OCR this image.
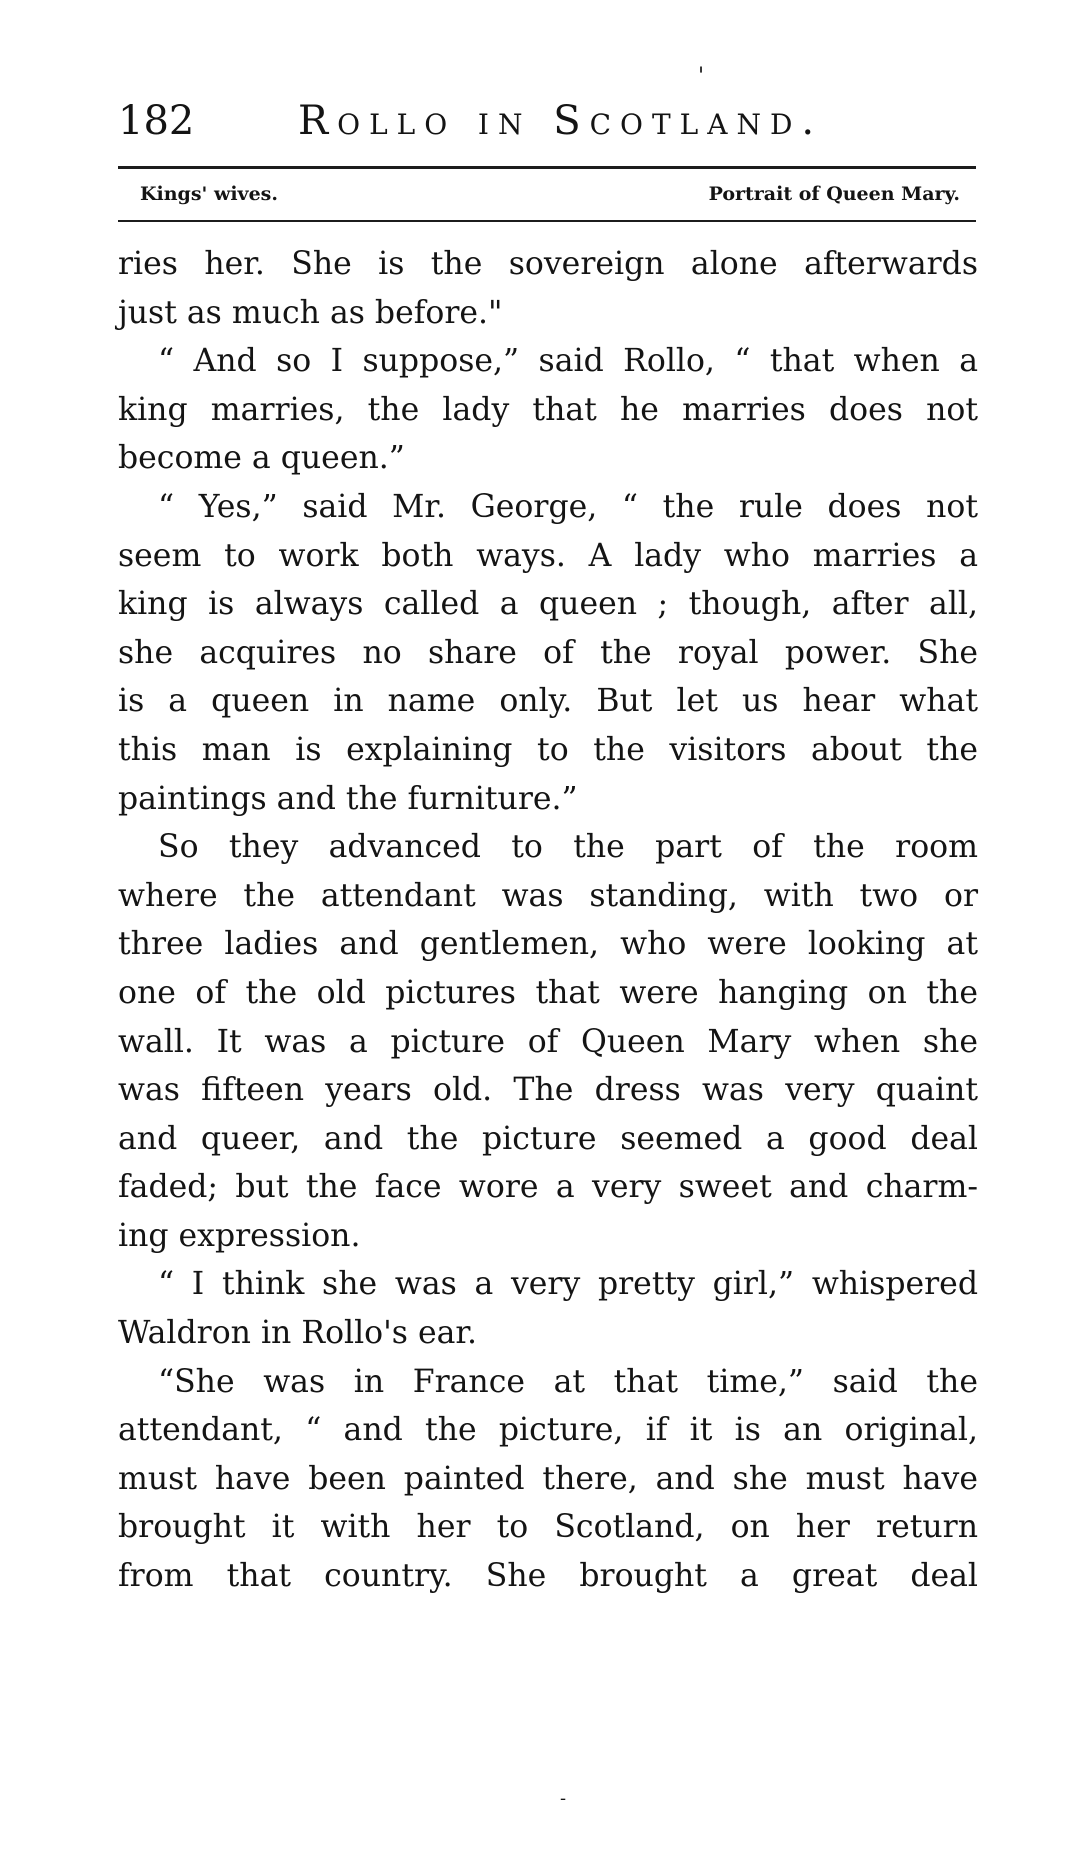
182	Rollo in Scotland.
'
Kings' wives.	Portrait of Queen Mary.
ries her. She is the sovereign alone afterwards
just as much as before."
“ And so I suppose,” said Rollo, “ that when a
king marries, the lady that he marries does not
become a queen.”
“ Yes,” said Mr. George, “ the rule does not
seem to work both ways. A lady who marries a
king is always called a queen ; though, after all,
she acquires no share of the royal power. She
is a queen in name only. But let us hear what
this man is explaining to the visitors about the
paintings and the furniture.”
So they advanced to the part of the room
where the attendant was standing, with two or
three ladies and gentlemen, who were looking at
one of the old pictures that were hanging on the
wall. It was a picture of Queen Mary when she
was fifteen years old. The dress was very quaint
and queer, and the picture seemed a good deal
faded; but the face wore a very sweet and charm-
ing expression.
“ I think she was a very pretty girl,” whispered
Waldron in Rollo's ear.
“She was in France at that time,” said the
attendant, “ and the picture, if it is an original,
must have been painted there, and she must have
brought it with her to Scotland, on her return
from that country. She brought a great deal
-
